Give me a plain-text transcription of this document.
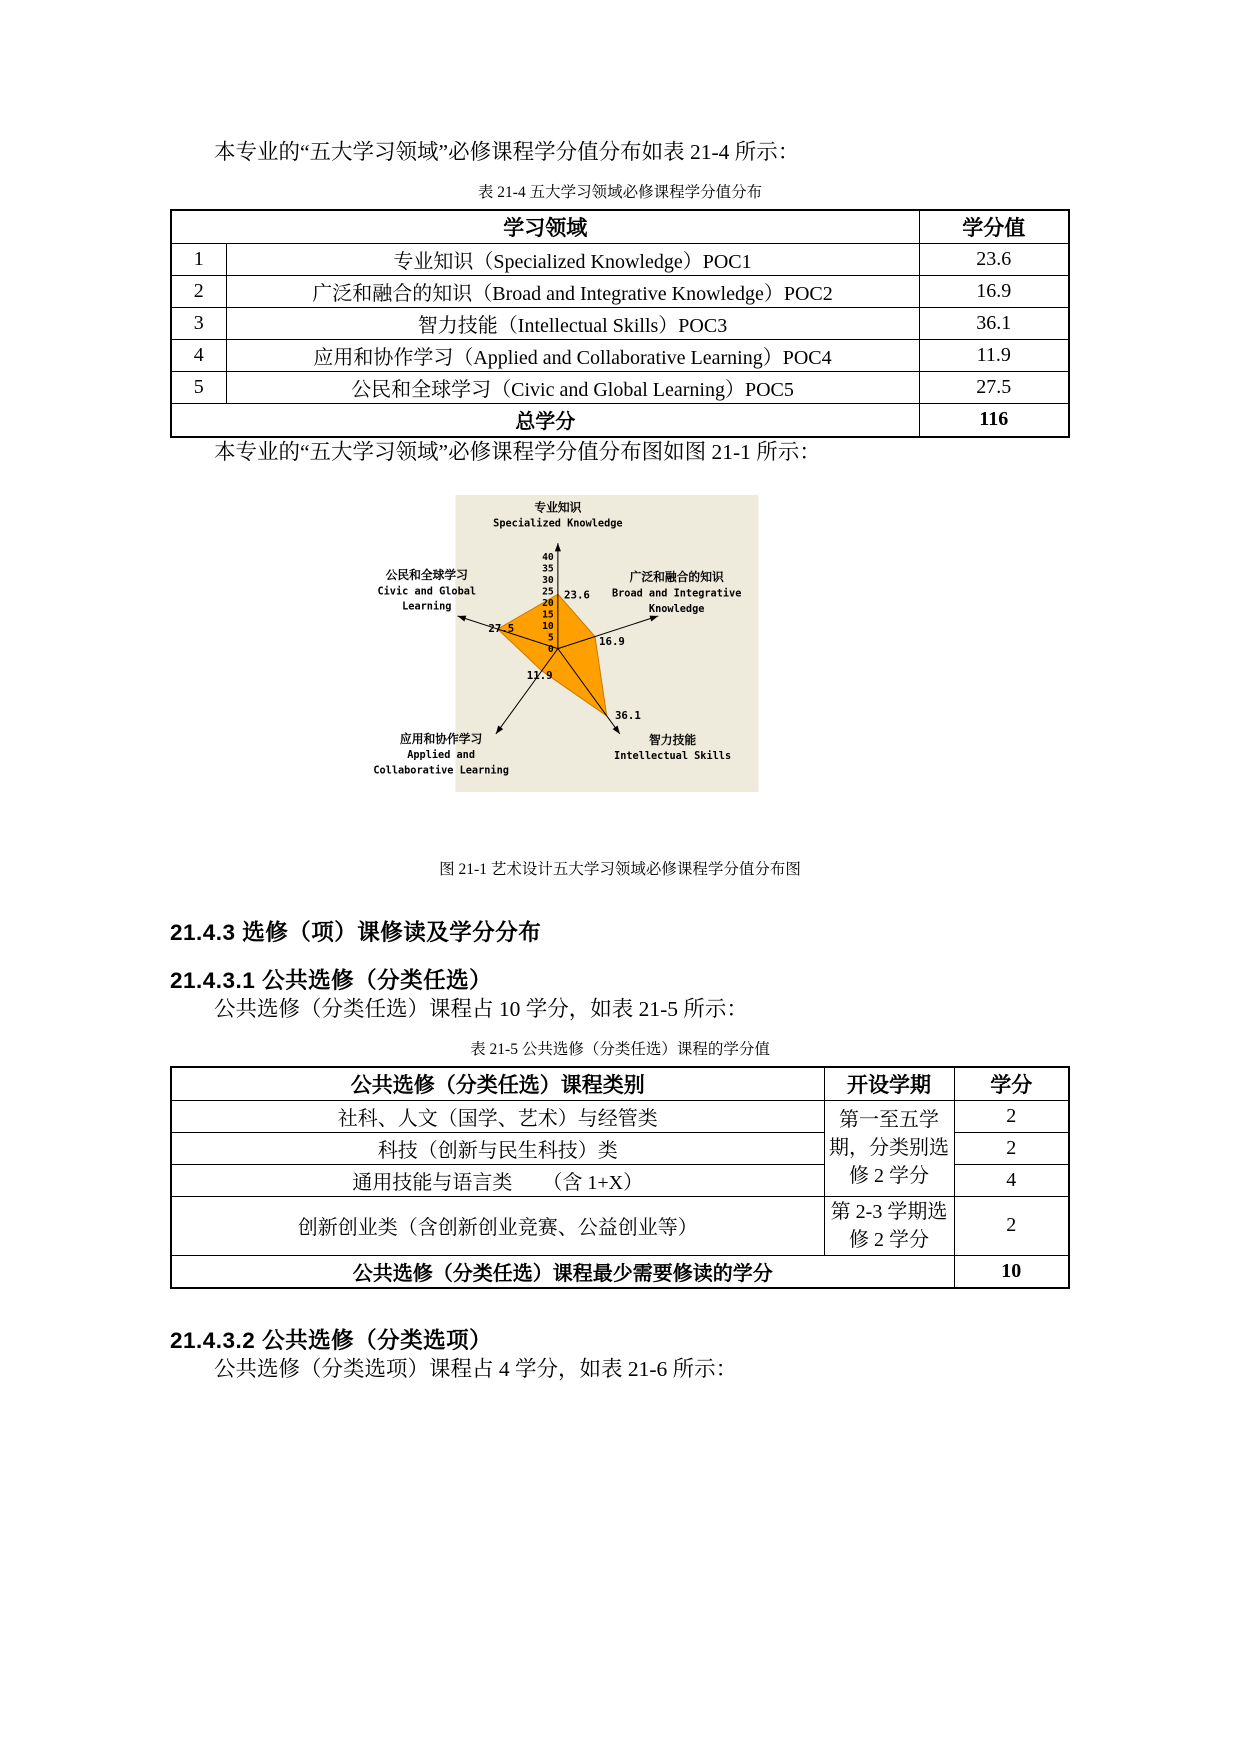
本专业的“五大学习领域”必修课程学分值分布如表 21-4 所示：

表 21-4 五大学习领域必修课程学分值分布
学习领域		学分值
1	专业知识（Specialized Knowledge）POC1	23.6
2	广泛和融合的知识（Broad and Integrative Knowledge）POC2	16.9
3	智力技能（Intellectual Skills）POC3	36.1
4	应用和协作学习（Applied and Collaborative Learning）POC4	11.9
5	公民和全球学习（Civic and Global Learning）POC5	27.5
总学分		116

本专业的“五大学习领域”必修课程学分值分布图如图 21-1 所示：

0
5
10
15
20
25
30
35
40
23.6
16.9
36.1
11.9
27.5
专业知识
Specialized Knowledge
广泛和融合的知识
Broad and Integrative
Knowledge
智力技能
Intellectual Skills
应用和协作学习
Applied and
Collaborative Learning
公民和全球学习
Civic and Global
Learning
图 21-1 艺术设计五大学习领域必修课程学分值分布图
21.4.3 选修（项）课修读及学分分布
21.4.3.1 公共选修（分类任选）

公共选修（分类任选）课程占 10 学分，如表 21-5 所示：

表 21-5 公共选修（分类任选）课程的学分值
公共选修（分类任选）课程类别	开设学期	学分
社科、人文（国学、艺术）与经管类	第一至五学期，分类别选修 2 学分	2
科技（创新与民生科技）类		2
通用技能与语言类　　（含 1+X）		4
创新创业类（含创新创业竞赛、公益创业等）	第 2-3 学期选修 2 学分	2
公共选修（分类任选）课程最少需要修读的学分		10
21.4.3.2 公共选修（分类选项）

公共选修（分类选项）课程占 4 学分，如表 21-6 所示：
